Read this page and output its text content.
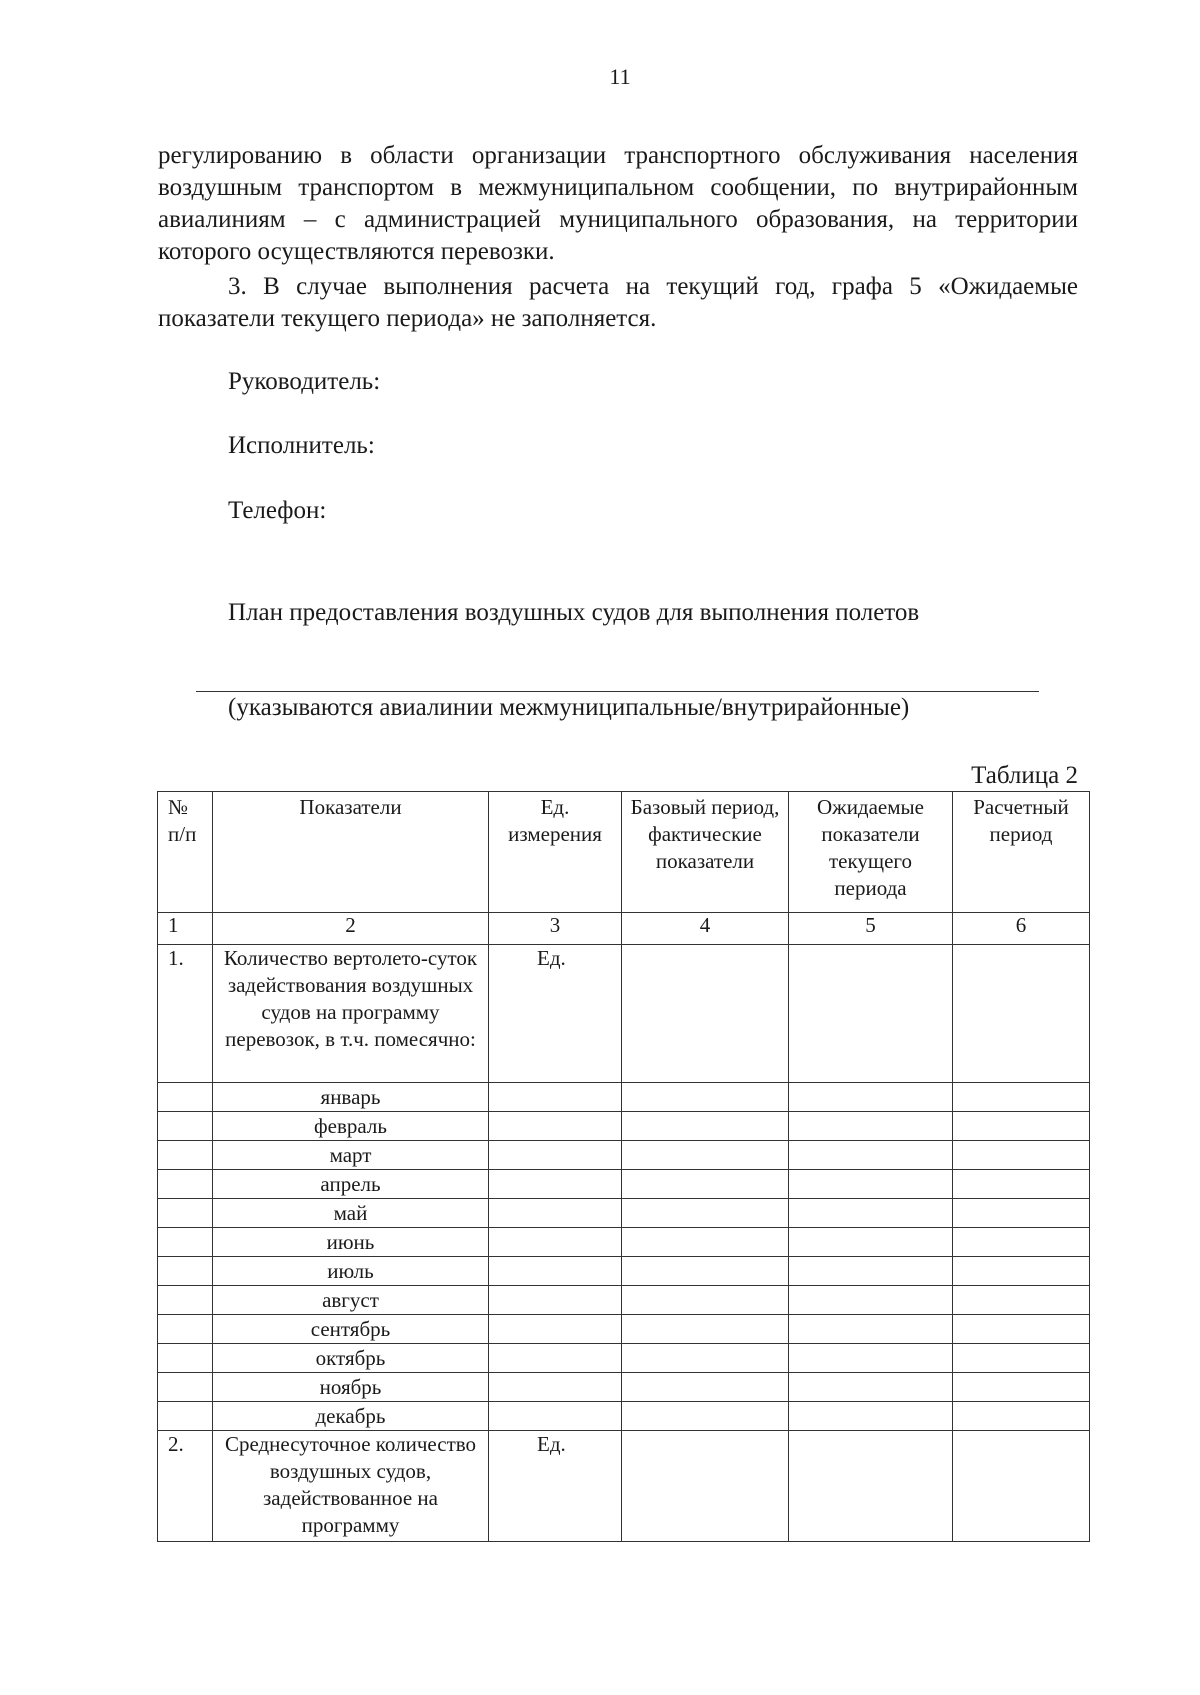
11
регулированию в области организации транспортного обслуживания населения воздушным транспортом в межмуниципальном сообщении, по внутрирайонным авиалиниям – с администрацией муниципального образования, на территории которого осуществляются перевозки.
3. В случае выполнения расчета на текущий год, графа 5 «Ожидаемые показатели текущего периода» не заполняется.
Руководитель:
Исполнитель:
Телефон:
План предоставления воздушных судов для выполнения полетов
(указываются авиалинии межмуниципальные/внутрирайонные)
Таблица 2
№ п/п	Показатели	Ед. измерения	Базовый период, фактические показатели	Ожидаемые показатели текущего периода	Расчетный период
1	2	3	4	5	6
1.	Количество вертолето-суток задействования воздушных судов на программу перевозок, в т.ч. помесячно:	Ед.			
	январь				
	февраль				
	март				
	апрель				
	май				
	июнь				
	июль				
	август				
	сентябрь				
	октябрь				
	ноябрь				
	декабрь				
2.	Среднесуточное количество воздушных судов, задействованное на программу	Ед.			
